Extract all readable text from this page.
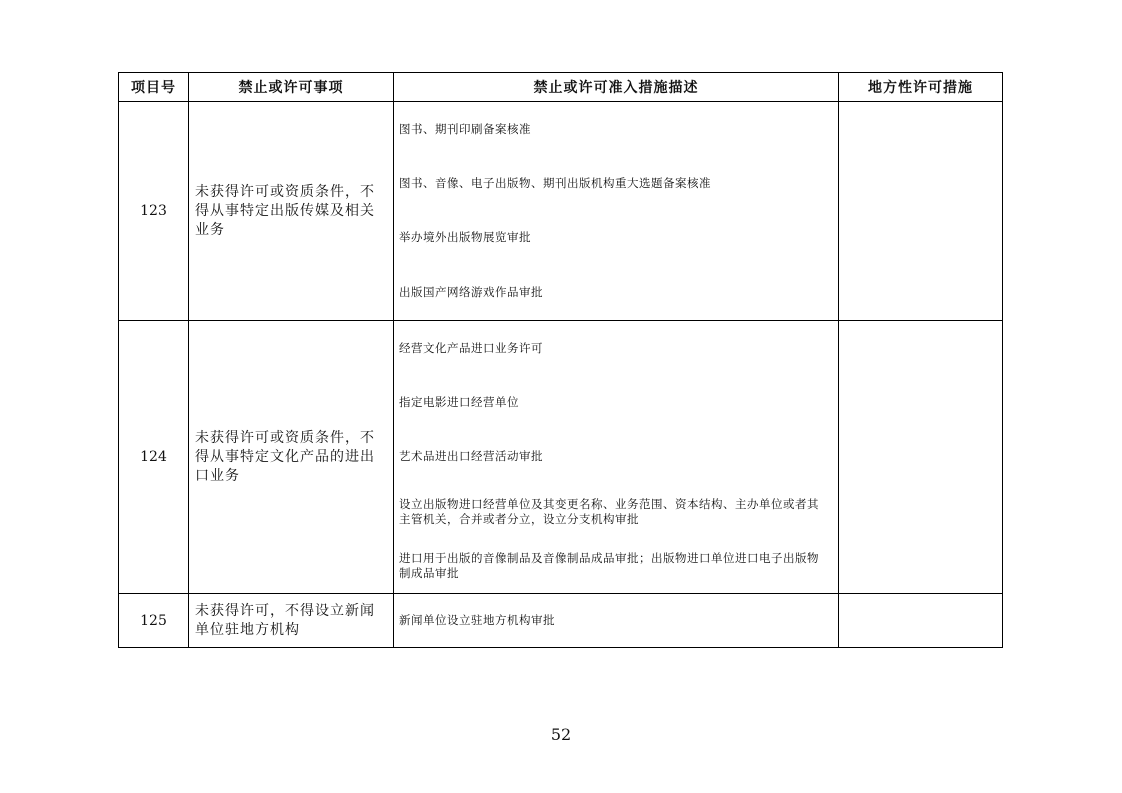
项目号	禁止或许可事项	禁止或许可准入措施描述	地方性许可措施
123	未获得许可或资质条件，不得从事特定出版传媒及相关业务	图书、期刊印刷备案核准
图书、音像、电子出版物、期刊出版机构重大选题备案核准
举办境外出版物展览审批
出版国产网络游戏作品审批	

124	未获得许可或资质条件，不得从事特定文化产品的进出口业务	经营文化产品进口业务许可
指定电影进口经营单位
艺术品进出口经营活动审批
设立出版物进口经营单位及其变更名称、业务范围、资本结构、主办单位或者其主管机关，合并或者分立，设立分支机构审批
进口用于出版的音像制品及音像制品成品审批；出版物进口单位进口电子出版物制成品审批	

125	未获得许可，不得设立新闻单位驻地方机构	新闻单位设立驻地方机构审批	

52
